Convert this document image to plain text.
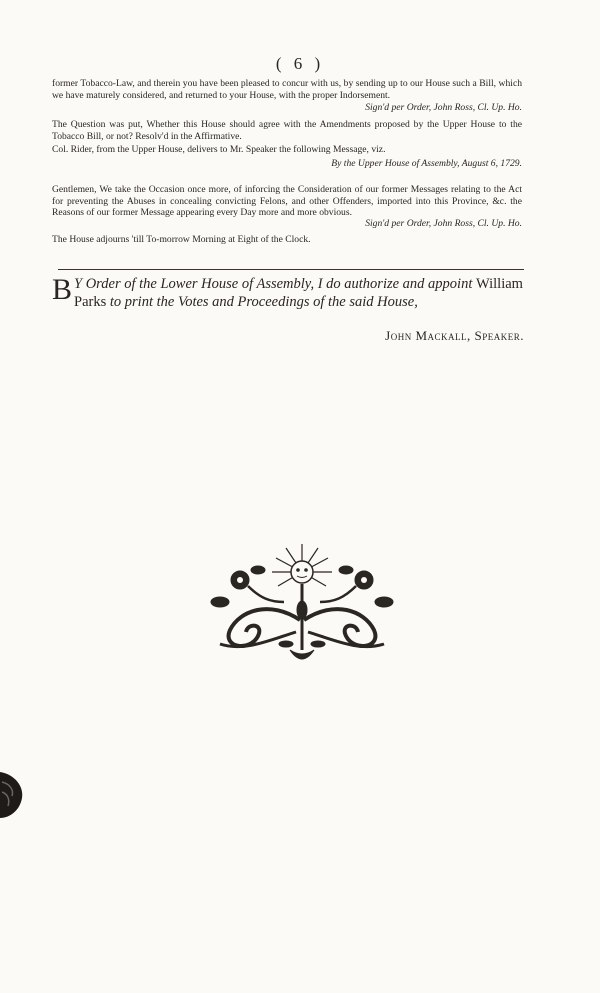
( 6 )

former Tobacco-Law, and therein you have been pleased to concur with us, by sending up to our House such a Bill, which we have maturely considered, and returned to your House, with the proper Indorsement.

Sign'd per Order, John Ross, Cl. Up. Ho.

The Question was put, Whether this House should agree with the Amendments proposed by the Upper House to the Tobacco Bill, or not? Resolv'd in the Affirmative.

Col. Rider, from the Upper House, delivers to Mr. Speaker the following Message, viz.

By the Upper House of Assembly, August 6, 1729.

Gentlemen, We take the Occasion once more, of inforcing the Consideration of our former Messages relating to the Act for preventing the Abuses in concealing convicting Felons, and other Offenders, imported into this Province, &c. the Reasons of our former Message appearing every Day more and more obvious.

Sign'd per Order, John Ross, Cl. Up. Ho.

The House adjourns 'till To-morrow Morning at Eight of the Clock.

B Y Order of the Lower House of Assembly, I do authorize and appoint William Parks to print the Votes and Proceedings of the said House,
John Mackall, Speaker.
